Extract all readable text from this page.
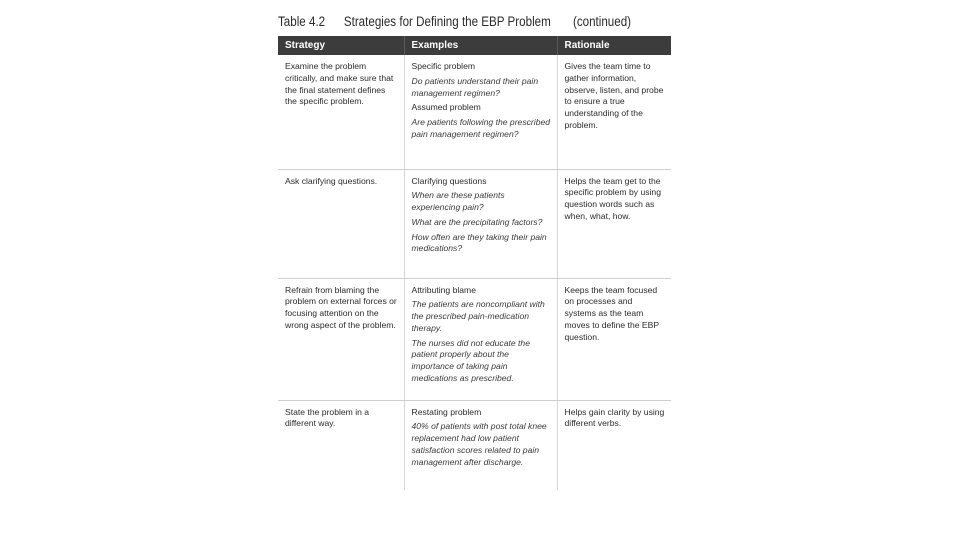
Table 4.2 Strategies for Defining the EBP Problem (continued)
Strategy	Examples	Rationale

Examine the problem critically, and make sure that the final statement defines the specific problem.	Specific problem
Do patients understand their pain management regimen?
Assumed problem
Are patients following the prescribed pain management regimen?	Gives the team time to gather information, observe, listen, and probe to ensure a true understanding of the problem.

Ask clarifying questions.	Clarifying questions
When are these patients experiencing pain?
What are the precipitating factors?
How often are they taking their pain medications?	Helps the team get to the specific problem by using question words such as when, what, how.

Refrain from blaming the problem on external forces or focusing attention on the wrong aspect of the problem.	Attributing blame
The patients are noncompliant with the prescribed pain-medication therapy.
The nurses did not educate the patient properly about the importance of taking pain medications as prescribed.	Keeps the team focused on processes and systems as the team moves to define the EBP question.

State the problem in a different way.	Restating problem
40% of patients with post total knee replacement had low patient satisfaction scores related to pain management after discharge.	Helps gain clarity by using different verbs.
